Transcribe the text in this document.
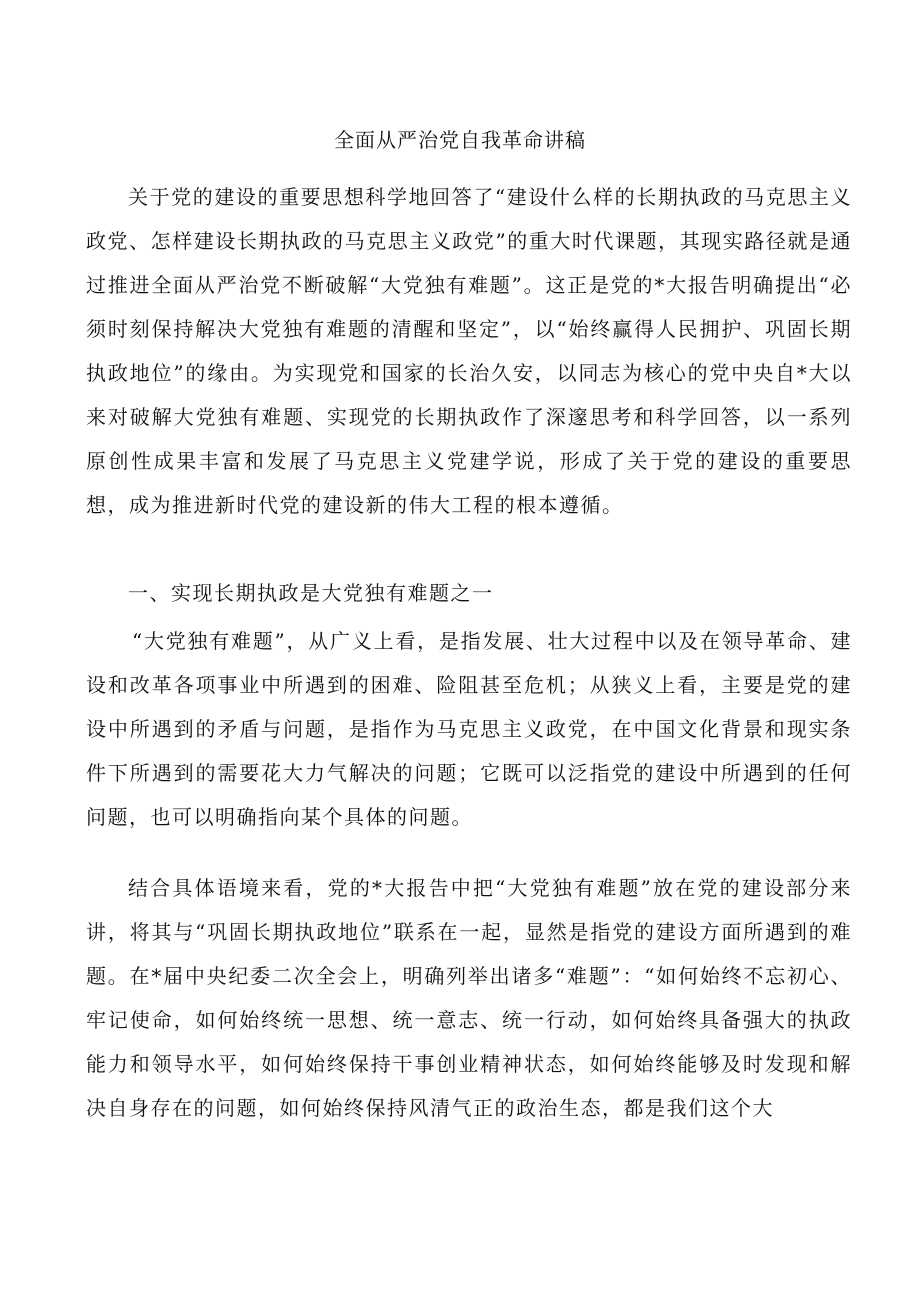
全面从严治党自我革命讲稿
关于党的建设的重要思想科学地回答了“建设什么样的长期执政的马克思主义政党、怎样建设长期执政的马克思主义政党”的重大时代课题，其现实路径就是通过推进全面从严治党不断破解“大党独有难题”。这正是党的*大报告明确提出“必须时刻保持解决大党独有难题的清醒和坚定”，以“始终赢得人民拥护、巩固长期执政地位”的缘由。为实现党和国家的长治久安，以同志为核心的党中央自*大以来对破解大党独有难题、实现党的长期执政作了深邃思考和科学回答，以一系列原创性成果丰富和发展了马克思主义党建学说，形成了关于党的建设的重要思想，成为推进新时代党的建设新的伟大工程的根本遵循。
一、实现长期执政是大党独有难题之一
“大党独有难题”，从广义上看，是指发展、壮大过程中以及在领导革命、建设和改革各项事业中所遇到的困难、险阻甚至危机；从狭义上看，主要是党的建设中所遇到的矛盾与问题，是指作为马克思主义政党，在中国文化背景和现实条件下所遇到的需要花大力气解决的问题；它既可以泛指党的建设中所遇到的任何问题，也可以明确指向某个具体的问题。
结合具体语境来看，党的*大报告中把“大党独有难题”放在党的建设部分来讲，将其与“巩固长期执政地位”联系在一起，显然是指党的建设方面所遇到的难题。在*届中央纪委二次全会上，明确列举出诸多“难题”：“如何始终不忘初心、牢记使命，如何始终统一思想、统一意志、统一行动，如何始终具备强大的执政能力和领导水平，如何始终保持干事创业精神状态，如何始终能够及时发现和解决自身存在的问题，如何始终保持风清气正的政治生态，都是我们这个大
